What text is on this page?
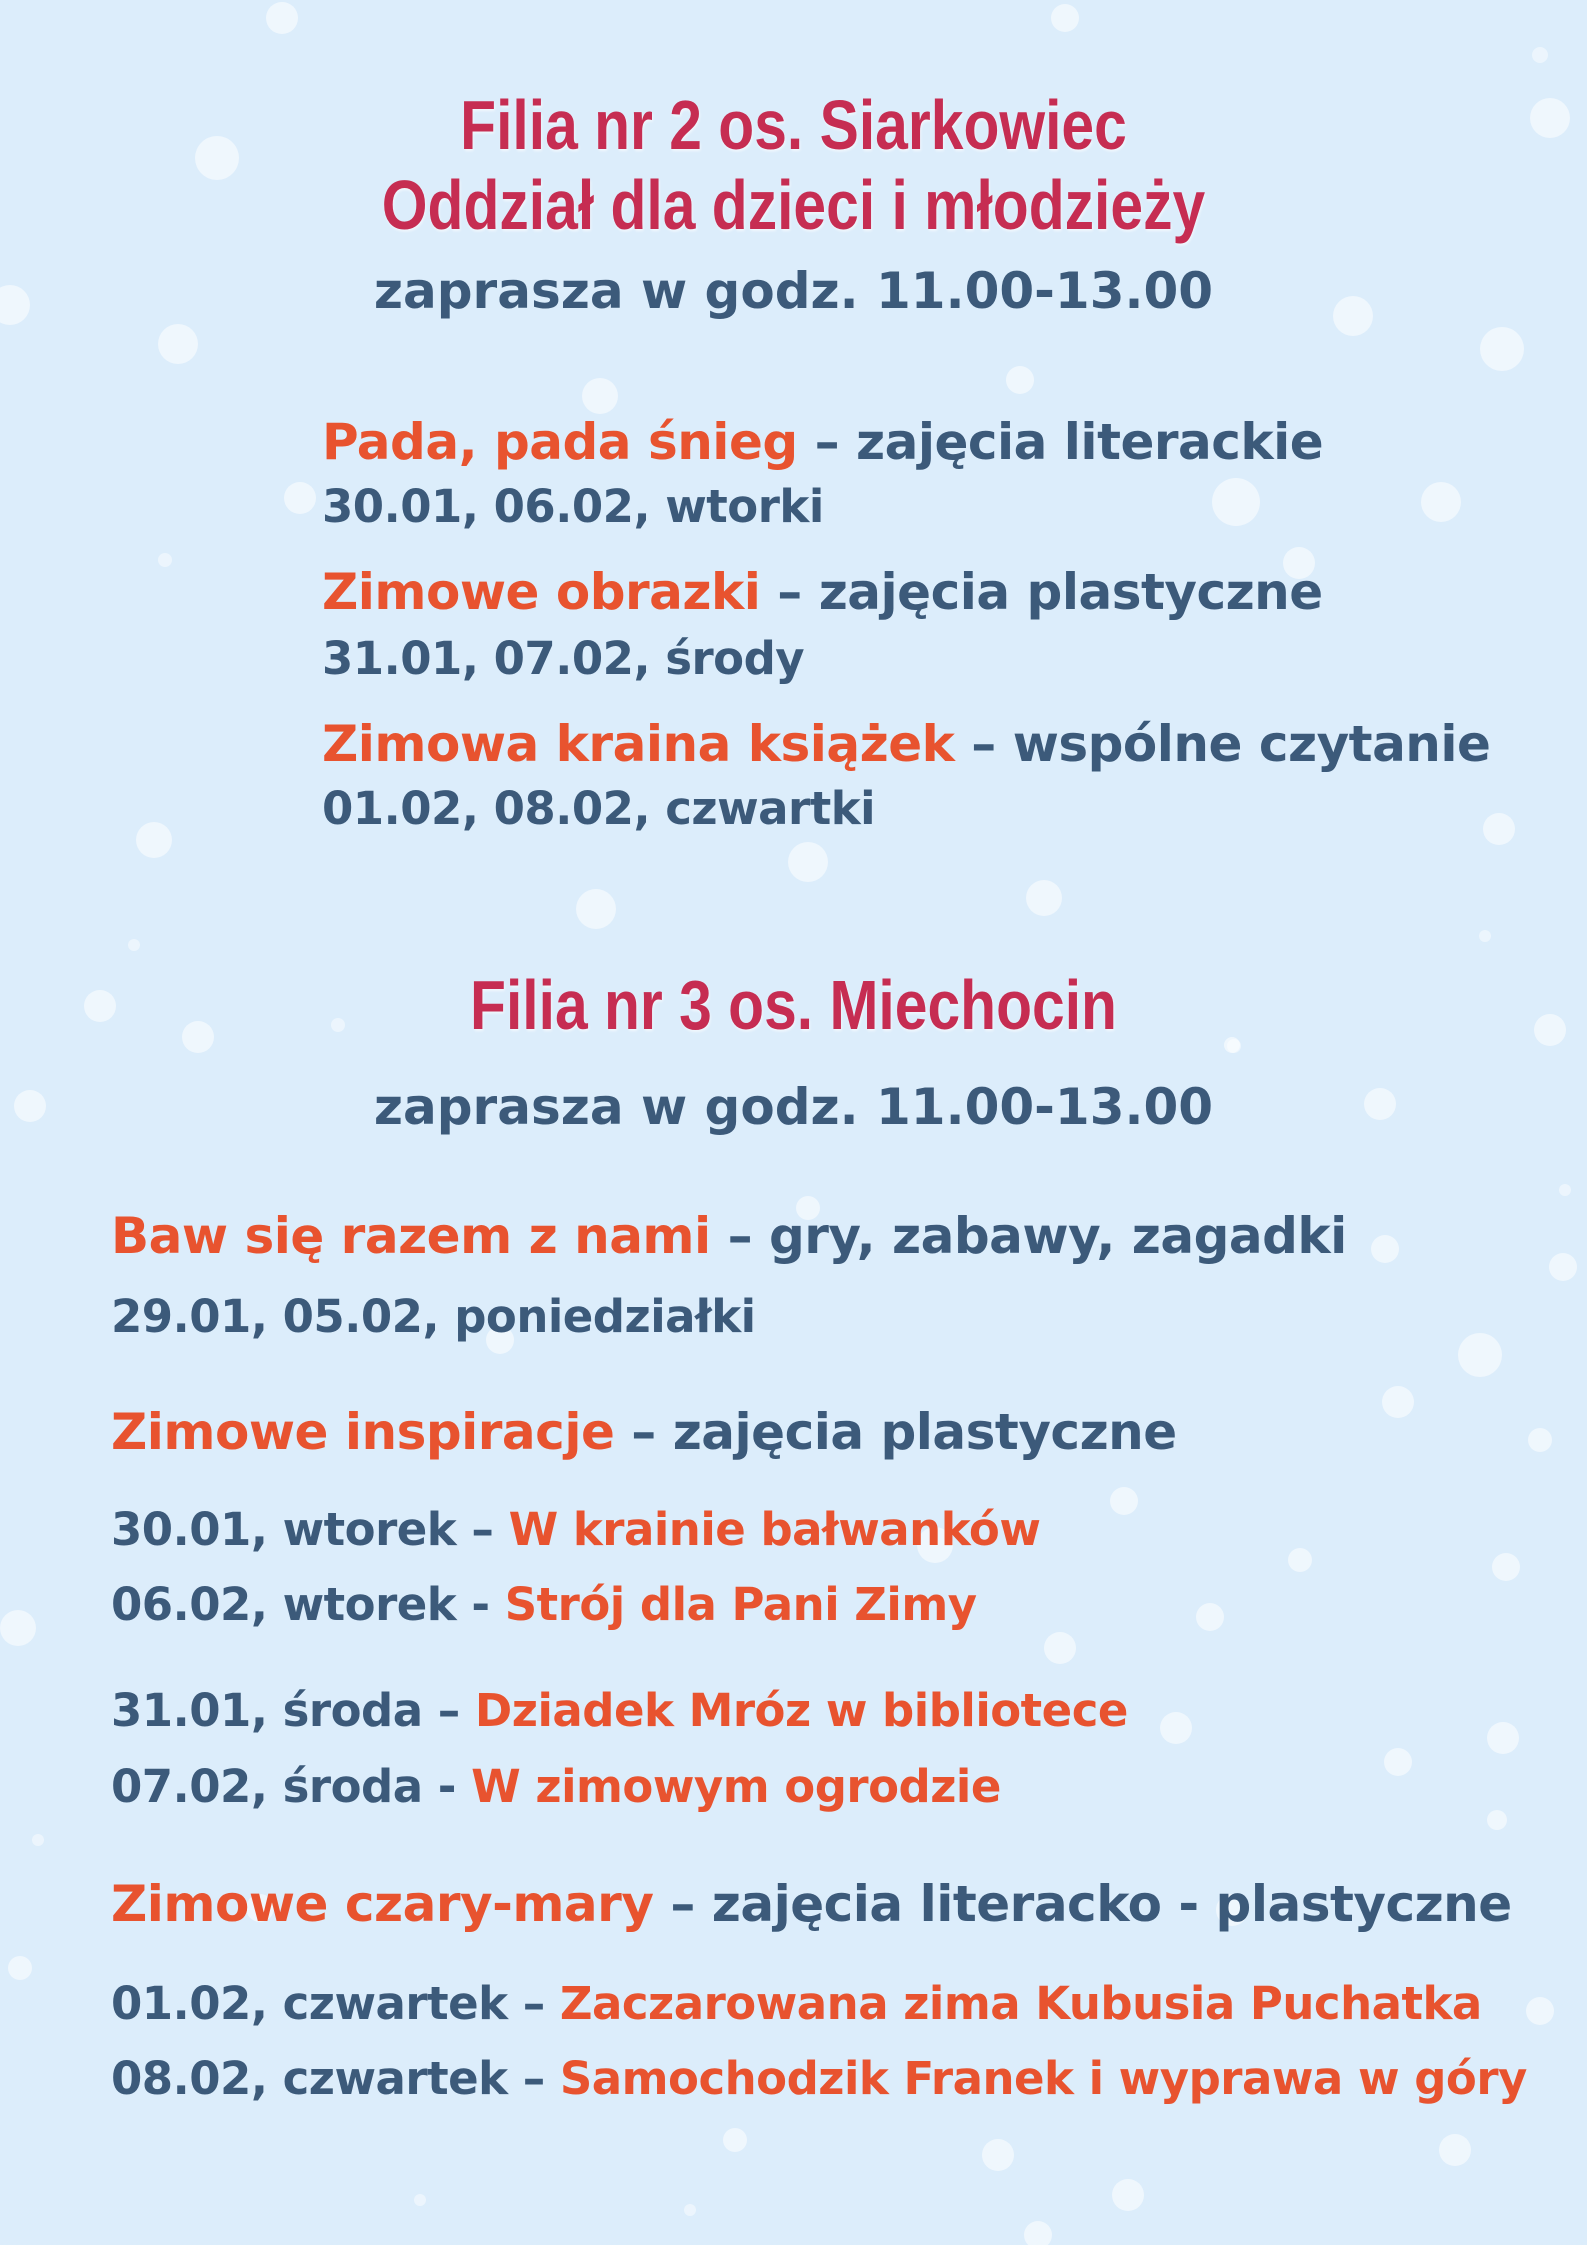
Filia nr 2 os. Siarkowiec
Oddział dla dzieci i młodzieży
zaprasza w godz. 11.00-13.00
Pada, pada śnieg – zajęcia literackie
30.01, 06.02, wtorki
Zimowe obrazki – zajęcia plastyczne
31.01, 07.02, środy
Zimowa kraina książek – wspólne czytanie
01.02, 08.02, czwartki
Filia nr 3 os. Miechocin
zaprasza w godz. 11.00-13.00
Baw się razem z nami – gry, zabawy, zagadki
29.01, 05.02, poniedziałki
Zimowe inspiracje – zajęcia plastyczne
30.01, wtorek – W krainie bałwanków
06.02, wtorek - Strój dla Pani Zimy
31.01, środa – Dziadek Mróz w bibliotece
07.02, środa - W zimowym ogrodzie
Zimowe czary-mary – zajęcia literacko - plastyczne
01.02, czwartek – Zaczarowana zima Kubusia Puchatka
08.02, czwartek – Samochodzik Franek i wyprawa w góry
